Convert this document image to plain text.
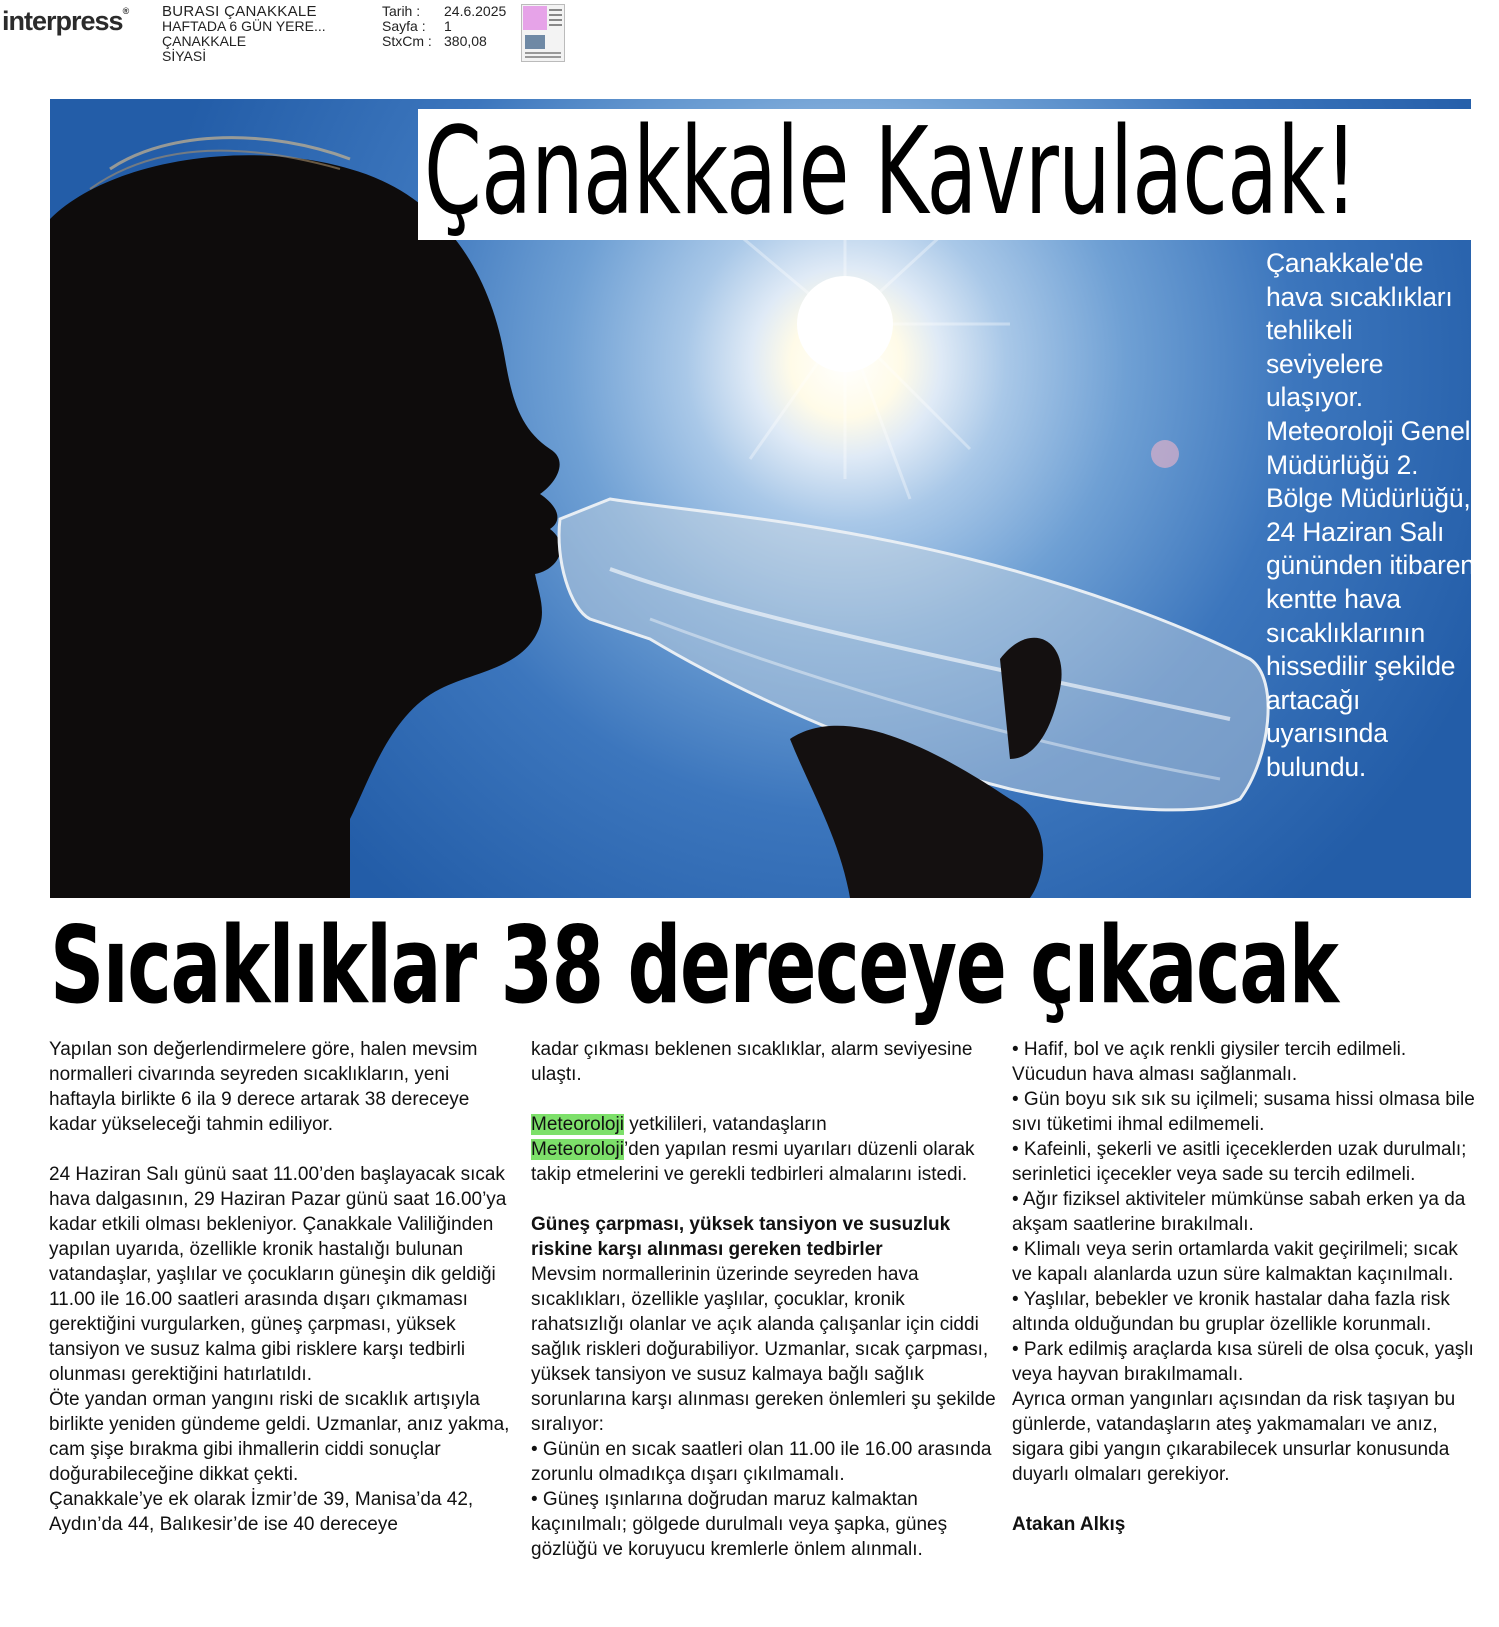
interpress® BURASI ÇANAKKALE
HAFTADA 6 GÜN YERE...
ÇANAKKALE
SİYASİ
Tarih :	24.6.2025
Sayfa :	1
StxCm : 380,08
Çanakkale Kavrulacak!
Çanakkale'de hava sıcaklıkları tehlikeli seviyelere ulaşıyor. Meteoroloji Genel Müdürlüğü 2. Bölge Müdürlüğü, 24 Haziran Salı gününden itibaren kentte hava sıcaklıklarının hissedilir şekilde artacağı uyarısında bulundu.
Sıcaklıklar 38 dereceye çıkacak

Yapılan son değerlendirmelere göre, halen mevsim normalleri civarında seyreden sıcaklıkların, yeni haftayla birlikte 6 ila 9 derece artarak 38 dereceye kadar yükseleceği tahmin ediliyor.

24 Haziran Salı günü saat 11.00’den başlayacak sıcak hava dalgasının, 29 Haziran Pazar günü saat 16.00’ya kadar etkili olması bekleniyor. Çanakkale Valiliğinden yapılan uyarıda, özellikle kronik hastalığı bulunan vatandaşlar, yaşlılar ve çocukların güneşin dik geldiği 11.00 ile 16.00 saatleri arasında dışarı çıkmaması gerektiğini vurgularken, güneş çarpması, yüksek tansiyon ve susuz kalma gibi risklere karşı tedbirli olunması gerektiğini hatırlatıldı.

Öte yandan orman yangını riski de sıcaklık artışıyla birlikte yeniden gündeme geldi. Uzmanlar, anız yakma, cam şişe bırakma gibi ihmallerin ciddi sonuçlar doğurabileceğine dikkat çekti.

Çanakkale’ye ek olarak İzmir’de 39, Manisa’da 42, Aydın’da 44, Balıkesir’de ise 40 dereceye

kadar çıkması beklenen sıcaklıklar, alarm seviyesine ulaştı.

Meteoroloji yetkilileri, vatandaşların
Meteoroloji’den yapılan resmi uyarıları düzenli olarak takip etmelerini ve gerekli tedbirleri almalarını istedi.

Güneş çarpması, yüksek tansiyon ve susuzluk riskine karşı alınması gereken tedbirler

Mevsim normallerinin üzerinde seyreden hava sıcaklıkları, özellikle yaşlılar, çocuklar, kronik rahatsızlığı olanlar ve açık alanda çalışanlar için ciddi sağlık riskleri doğurabiliyor. Uzmanlar, sıcak çarpması, yüksek tansiyon ve susuz kalmaya bağlı sağlık sorunlarına karşı alınması gereken önlemleri şu şekilde sıralıyor:

• Günün en sıcak saatleri olan 11.00 ile 16.00 arasında zorunlu olmadıkça dışarı çıkılmamalı.

• Güneş ışınlarına doğrudan maruz kalmaktan kaçınılmalı; gölgede durulmalı veya şapka, güneş gözlüğü ve koruyucu kremlerle önlem alınmalı.

• Hafif, bol ve açık renkli giysiler tercih edilmeli. Vücudun hava alması sağlanmalı.

• Gün boyu sık sık su içilmeli; susama hissi olmasa bile sıvı tüketimi ihmal edilmemeli.

• Kafeinli, şekerli ve asitli içeceklerden uzak durulmalı; serinletici içecekler veya sade su tercih edilmeli.

• Ağır fiziksel aktiviteler mümkünse sabah erken ya da akşam saatlerine bırakılmalı.

• Klimalı veya serin ortamlarda vakit geçirilmeli; sıcak ve kapalı alanlarda uzun süre kalmaktan kaçınılmalı.

• Yaşlılar, bebekler ve kronik hastalar daha fazla risk altında olduğundan bu gruplar özellikle korunmalı.

• Park edilmiş araçlarda kısa süreli de olsa çocuk, yaşlı veya hayvan bırakılmamalı.

Ayrıca orman yangınları açısından da risk taşıyan bu günlerde, vatandaşların ateş yakmamaları ve anız, sigara gibi yangın çıkarabilecek unsurlar konusunda duyarlı olmaları gerekiyor.

Atakan Alkış
